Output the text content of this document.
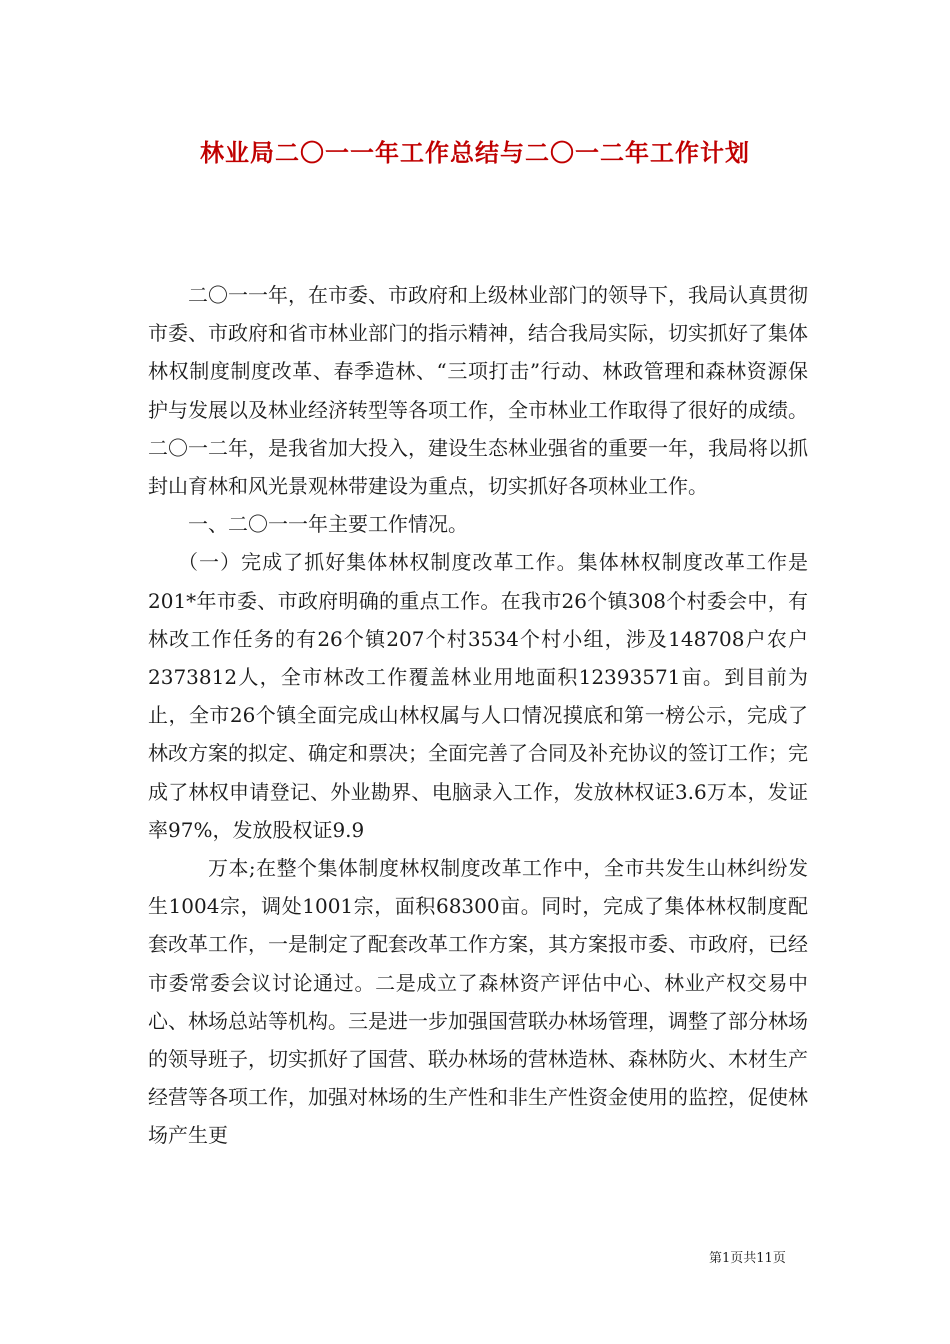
林业局二〇一一年工作总结与二〇一二年工作计划

二〇一一年，在市委、市政府和上级林业部门的领导下，我局认真贯彻市委、市政府和省市林业部门的指示精神，结合我局实际，切实抓好了集体林权制度制度改革、春季造林、“三项打击”行动、林政管理和森林资源保护与发展以及林业经济转型等各项工作，全市林业工作取得了很好的成绩。二〇一二年，是我省加大投入，建设生态林业强省的重要一年，我局将以抓封山育林和风光景观林带建设为重点，切实抓好各项林业工作。

一、二〇一一年主要工作情况。

（一）完成了抓好集体林权制度改革工作。集体林权制度改革工作是201*年市委、市政府明确的重点工作。在我市26个镇308个村委会中，有林改工作任务的有26个镇207个村3534个村小组，涉及148708户农户2373812人，全市林改工作覆盖林业用地面积12393571亩。到目前为止，全市26个镇全面完成山林权属与人口情况摸底和第一榜公示，完成了林改方案的拟定、确定和票决；全面完善了合同及补充协议的签订工作；完成了林权申请登记、外业勘界、电脑录入工作，发放林权证3.6万本，发证率97%，发放股权证9.9

万本;在整个集体制度林权制度改革工作中，全市共发生山林纠纷发生1004宗，调处1001宗，面积68300亩。同时，完成了集体林权制度配套改革工作，一是制定了配套改革工作方案，其方案报市委、市政府，已经市委常委会议讨论通过。二是成立了森林资产评估中心、林业产权交易中心、林场总站等机构。三是进一步加强国营联办林场管理，调整了部分林场的领导班子，切实抓好了国营、联办林场的营林造林、森林防火、木材生产经营等各项工作，加强对林场的生产性和非生产性资金使用的监控，促使林场产生更

第1页共11页
